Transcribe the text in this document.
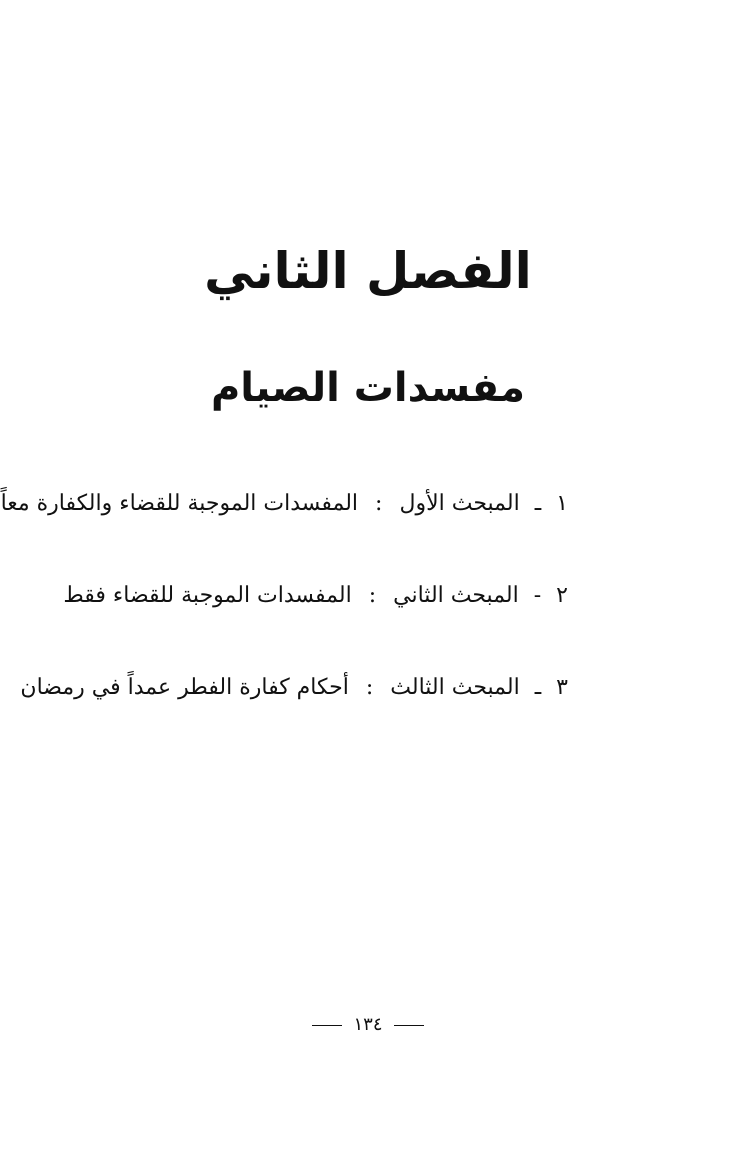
الفصل الثاني
مفسدات الصيام
١ ـ المبحث الأول : المفسدات الموجبة للقضاء والكفارة معاً
٢ - المبحث الثاني : المفسدات الموجبة للقضاء فقط
٣ ـ المبحث الثالث : أحكام كفارة الفطر عمداً في رمضان
١٣٤
